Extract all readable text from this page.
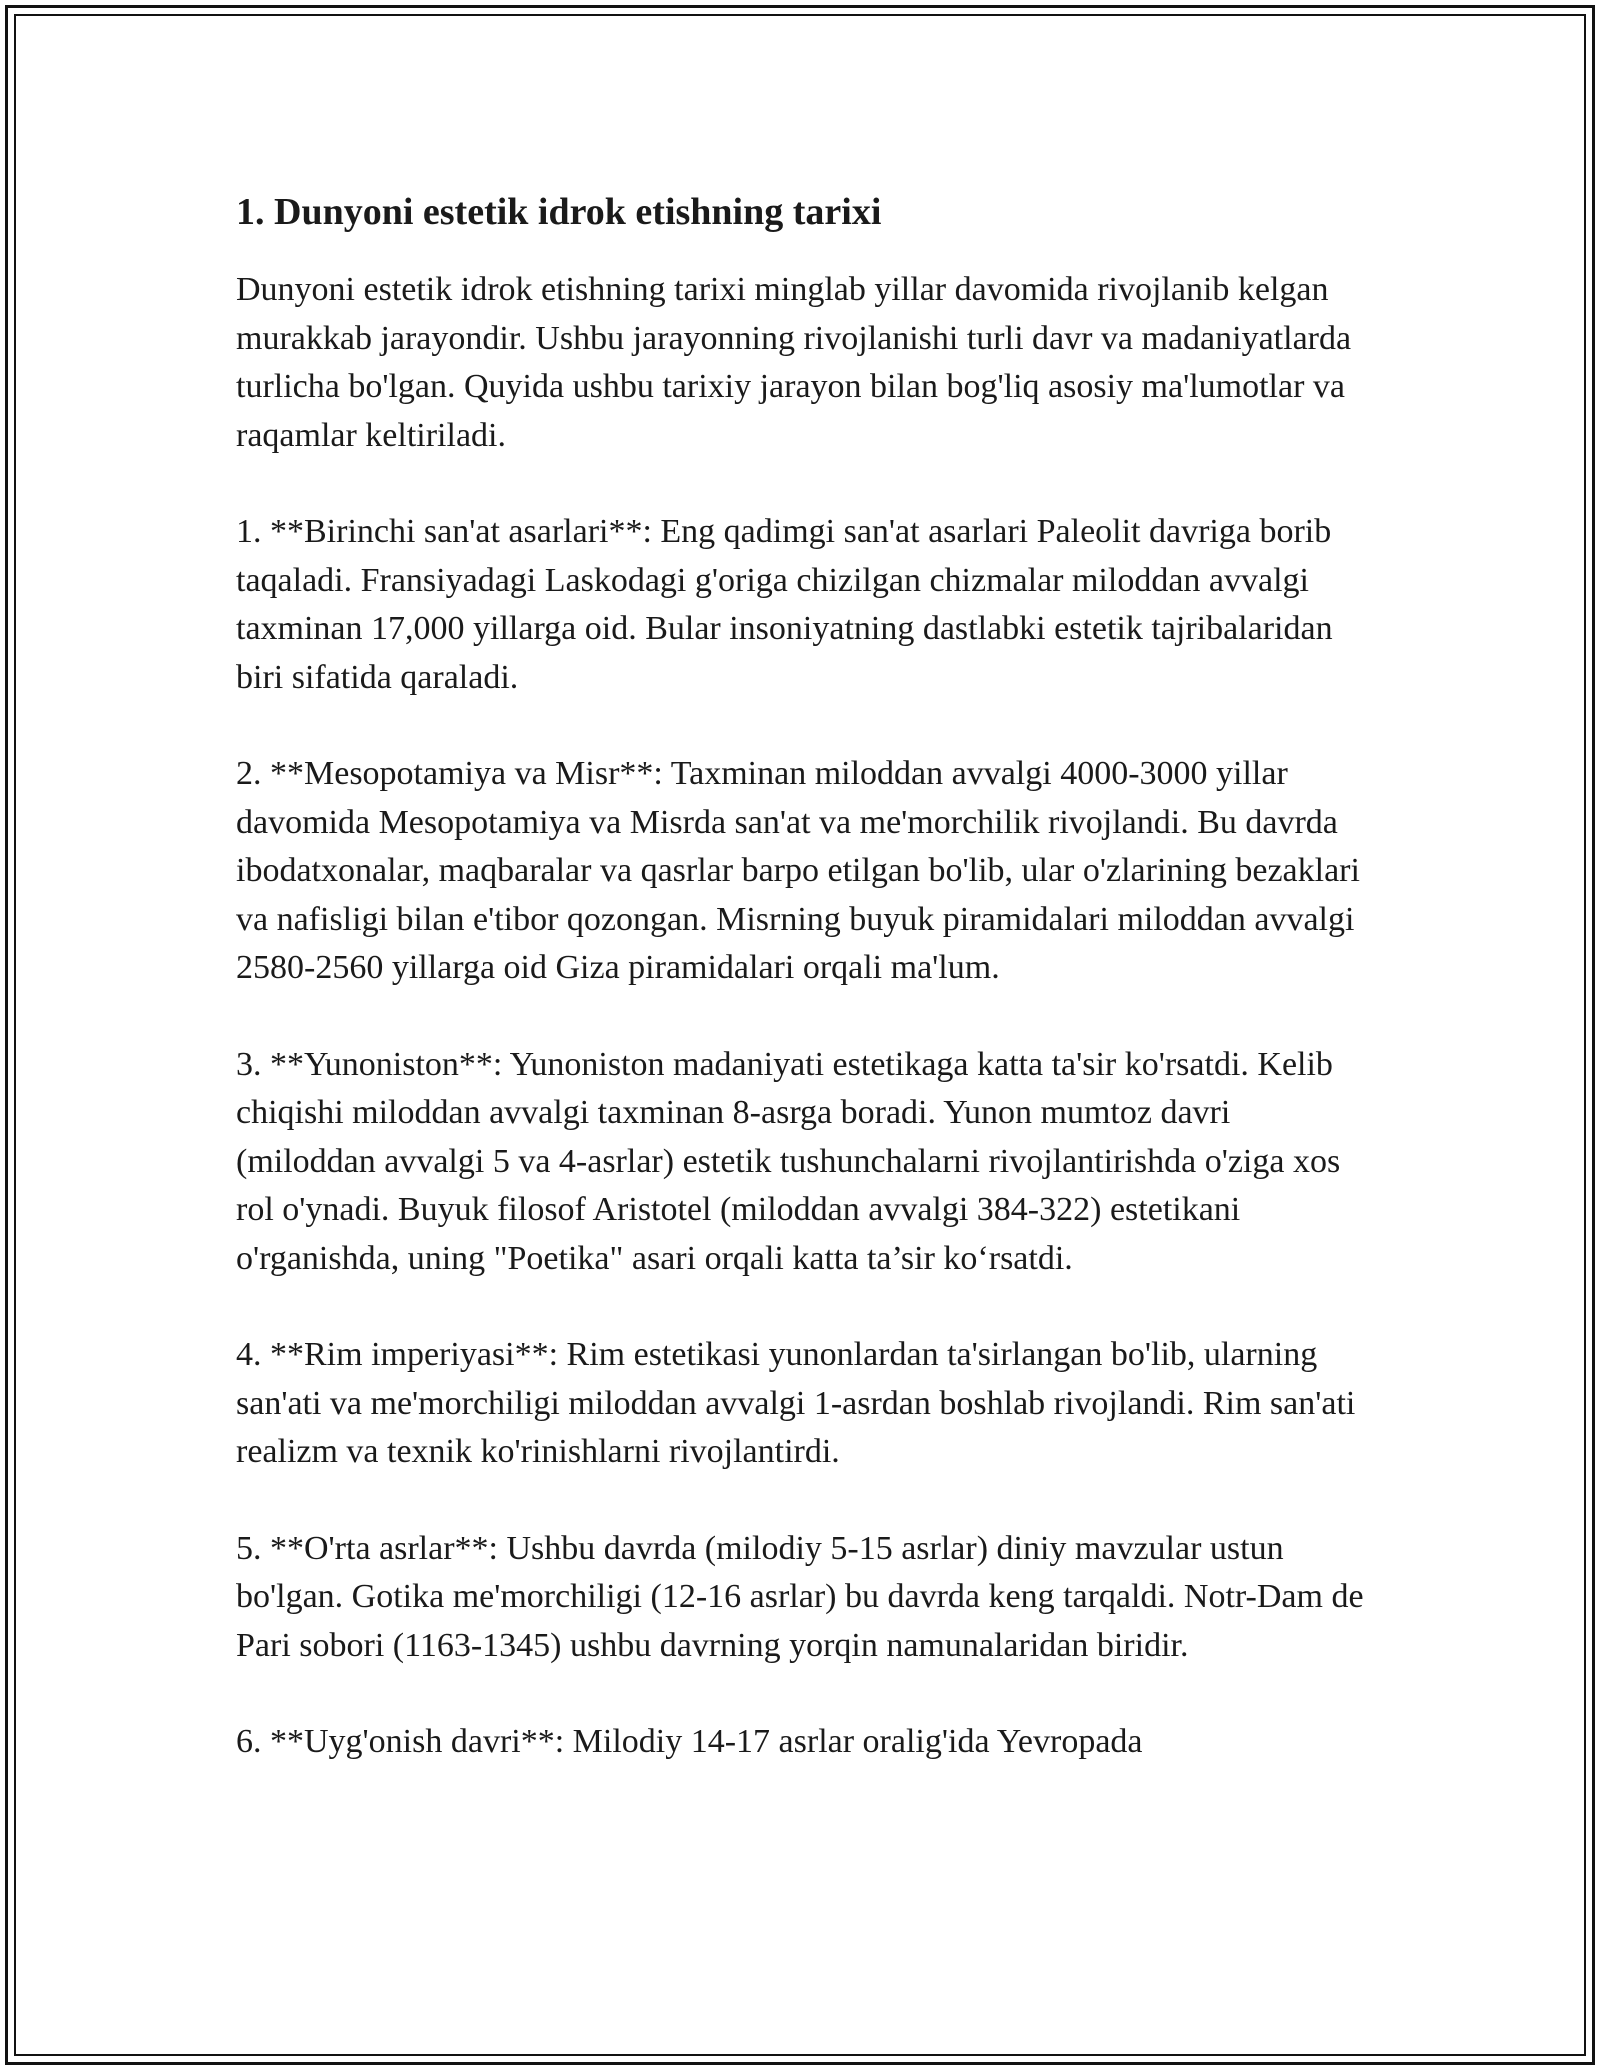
1. Dunyoni estetik idrok etishning tarixi

Dunyoni estetik idrok etishning tarixi minglab yillar davomida rivojlanib kelgan murakkab jarayondir. Ushbu jarayonning rivojlanishi turli davr va madaniyatlarda turlicha bo'lgan. Quyida ushbu tarixiy jarayon bilan bog'liq asosiy ma'lumotlar va raqamlar keltiriladi.

1. **Birinchi san'at asarlari**: Eng qadimgi san'at asarlari Paleolit davriga borib taqaladi. Fransiyadagi Laskodagi g'origa chizilgan chizmalar miloddan avvalgi taxminan 17,000 yillarga oid. Bular insoniyatning dastlabki estetik tajribalaridan biri sifatida qaraladi.

2. **Mesopotamiya va Misr**: Taxminan miloddan avvalgi 4000-3000 yillar davomida Mesopotamiya va Misrda san'at va me'morchilik rivojlandi. Bu davrda ibodatxonalar, maqbaralar va qasrlar barpo etilgan bo'lib, ular o'zlarining bezaklari va nafisligi bilan e'tibor qozongan. Misrning buyuk piramidalari miloddan avvalgi 2580-2560 yillarga oid Giza piramidalari orqali ma'lum.

3. **Yunoniston**: Yunoniston madaniyati estetikaga katta ta'sir ko'rsatdi. Kelib chiqishi miloddan avvalgi taxminan 8-asrga boradi. Yunon mumtoz davri (miloddan avvalgi 5 va 4-asrlar) estetik tushunchalarni rivojlantirishda o'ziga xos rol o'ynadi. Buyuk filosof Aristotel (miloddan avvalgi 384-322) estetikani o'rganishda, uning "Poetika" asari orqali katta ta’sir ko‘rsatdi.

4. **Rim imperiyasi**: Rim estetikasi yunonlardan ta'sirlangan bo'lib, ularning san'ati va me'morchiligi miloddan avvalgi 1-asrdan boshlab rivojlandi. Rim san'ati realizm va texnik ko'rinishlarni rivojlantirdi.

5. **O'rta asrlar**: Ushbu davrda (milodiy 5-15 asrlar) diniy mavzular ustun bo'lgan. Gotika me'morchiligi (12-16 asrlar) bu davrda keng tarqaldi. Notr-Dam de Pari sobori (1163-1345) ushbu davrning yorqin namunalaridan biridir.

6. **Uyg'onish davri**: Milodiy 14-17 asrlar oralig'ida Yevropada
